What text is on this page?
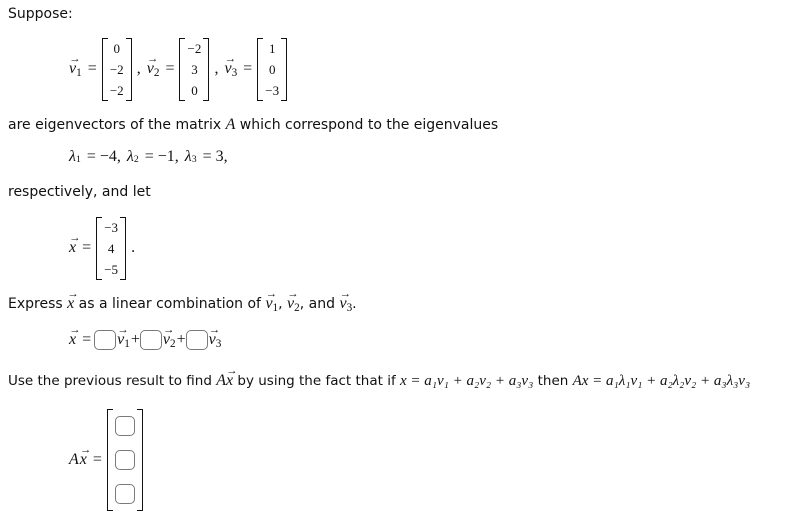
Suppose:
→ v1 =
0
−2
−2
, → v2 =
−2
3
0
, → v3 =
1
0
−3
are eigenvectors of the matrix A which correspond to the eigenvalues
λ 1 = −4, λ 2 = −1, λ 3 = 3,
respectively, and let
→ x =
−3
4
−5
.
Express → x as a linear combination of → v1, → v2, and → v3.
→ x = → v1 + → v2 + → v3
Use the previous result to find A→ x by using the fact that if x = a₁v₁ + a₂v₂ + a₃v₃ then Ax = a₁λ₁v₁ + a₂λ₂v₂ + a₃λ₃v₃
A → x =
